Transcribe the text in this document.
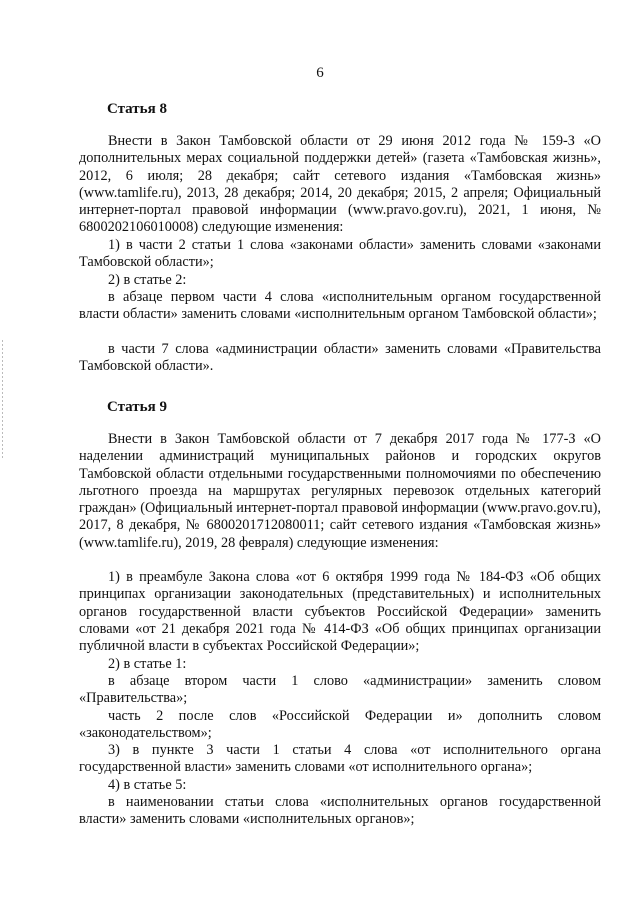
6
Статья 8

Внести в Закон Тамбовской области от 29 июня 2012 года № 159-З «О дополнительных мерах социальной поддержки детей» (газета «Тамбовская жизнь», 2012, 6 июля; 28 декабря; сайт сетевого издания «Тамбовская жизнь» (www.tamlife.ru), 2013, 28 декабря; 2014, 20 декабря; 2015, 2 апреля; Официальный интернет-портал правовой информации (www.pravo.gov.ru), 2021, 1 июня, № 6800202106010008) следующие изменения:

1) в части 2 статьи 1 слова «законами области» заменить словами «законами Тамбовской области»;

2) в статье 2:

в абзаце первом части 4 слова «исполнительным органом государственной власти области» заменить словами «исполнительным органом Тамбовской области»;

в части 7 слова «администрации области» заменить словами «Правительства Тамбовской области».

Статья 9

Внести в Закон Тамбовской области от 7 декабря 2017 года № 177-З «О наделении администраций муниципальных районов и городских округов Тамбовской области отдельными государственными полномочиями по обеспечению льготного проезда на маршрутах регулярных перевозок отдельных категорий граждан» (Официальный интернет-портал правовой информации (www.pravo.gov.ru), 2017, 8 декабря, № 6800201712080011; сайт сетевого издания «Тамбовская жизнь» (www.tamlife.ru), 2019, 28 февраля) следующие изменения:

1) в преамбуле Закона слова «от 6 октября 1999 года № 184-ФЗ «Об общих принципах организации законодательных (представительных) и исполнительных органов государственной власти субъектов Российской Федерации» заменить словами «от 21 декабря 2021 года № 414-ФЗ «Об общих принципах организации публичной власти в субъектах Российской Федерации»;

2) в статье 1:

в абзаце втором части 1 слово «администрации» заменить словом «Правительства»;

часть 2 после слов «Российской Федерации и» дополнить словом «законодательством»;

3) в пункте 3 части 1 статьи 4 слова «от исполнительного органа государственной власти» заменить словами «от исполнительного органа»;

4) в статье 5:

в наименовании статьи слова «исполнительных органов государственной власти» заменить словами «исполнительных органов»;
